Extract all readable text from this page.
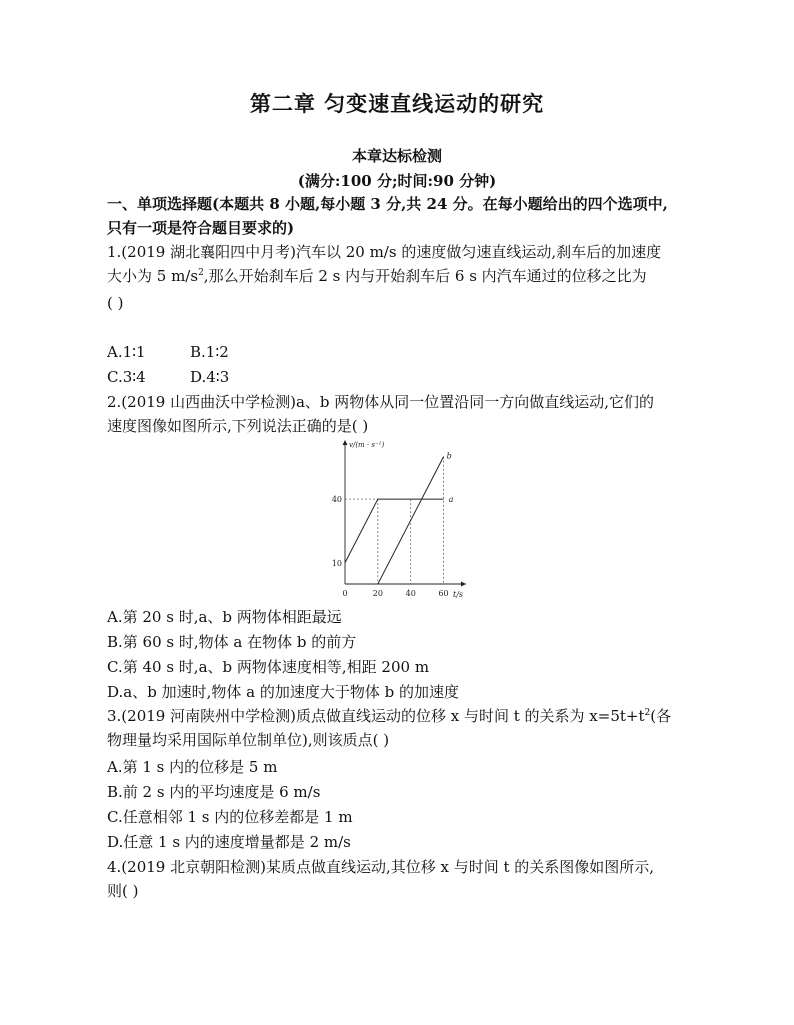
第二章 匀变速直线运动的研究
本章达标检测
(满分:100 分;时间:90 分钟)
一、单项选择题(本题共 8 小题,每小题 3 分,共 24 分。在每小题给出的四个选项中,
只有一项是符合题目要求的)
1.(2019 湖北襄阳四中月考)汽车以 20 m/s 的速度做匀速直线运动,刹车后的加速度
大小为 5 $m/s^2$,那么开始刹车后 2 s 内与开始刹车后 6 s 内汽车通过的位移之比为
( )
A.1∶1	B.1∶2
C.3∶4	D.4∶3
2.(2019 山西曲沃中学检测)a、b 两物体从同一位置沿同一方向做直线运动,它们的
速度图像如图所示,下列说法正确的是( )
v/(m · s⁻¹)
t/s
0	20	40	60
10
40	a
b
A.第 20 s 时,a、b 两物体相距最远
B.第 60 s 时,物体 a 在物体 b 的前方
C.第 40 s 时,a、b 两物体速度相等,相距 200 m
D.a、b 加速时,物体 a 的加速度大于物体 b 的加速度
3.(2019 河南陕州中学检测)质点做直线运动的位移 x 与时间 t 的关系为 $x=5t+t^2$(各
物理量均采用国际单位制单位),则该质点( )
A.第 1 s 内的位移是 5 m
B.前 2 s 内的平均速度是 6 m/s
C.任意相邻 1 s 内的位移差都是 1 m
D.任意 1 s 内的速度增量都是 2 m/s
4.(2019 北京朝阳检测)某质点做直线运动,其位移 x 与时间 t 的关系图像如图所示,
则( )
